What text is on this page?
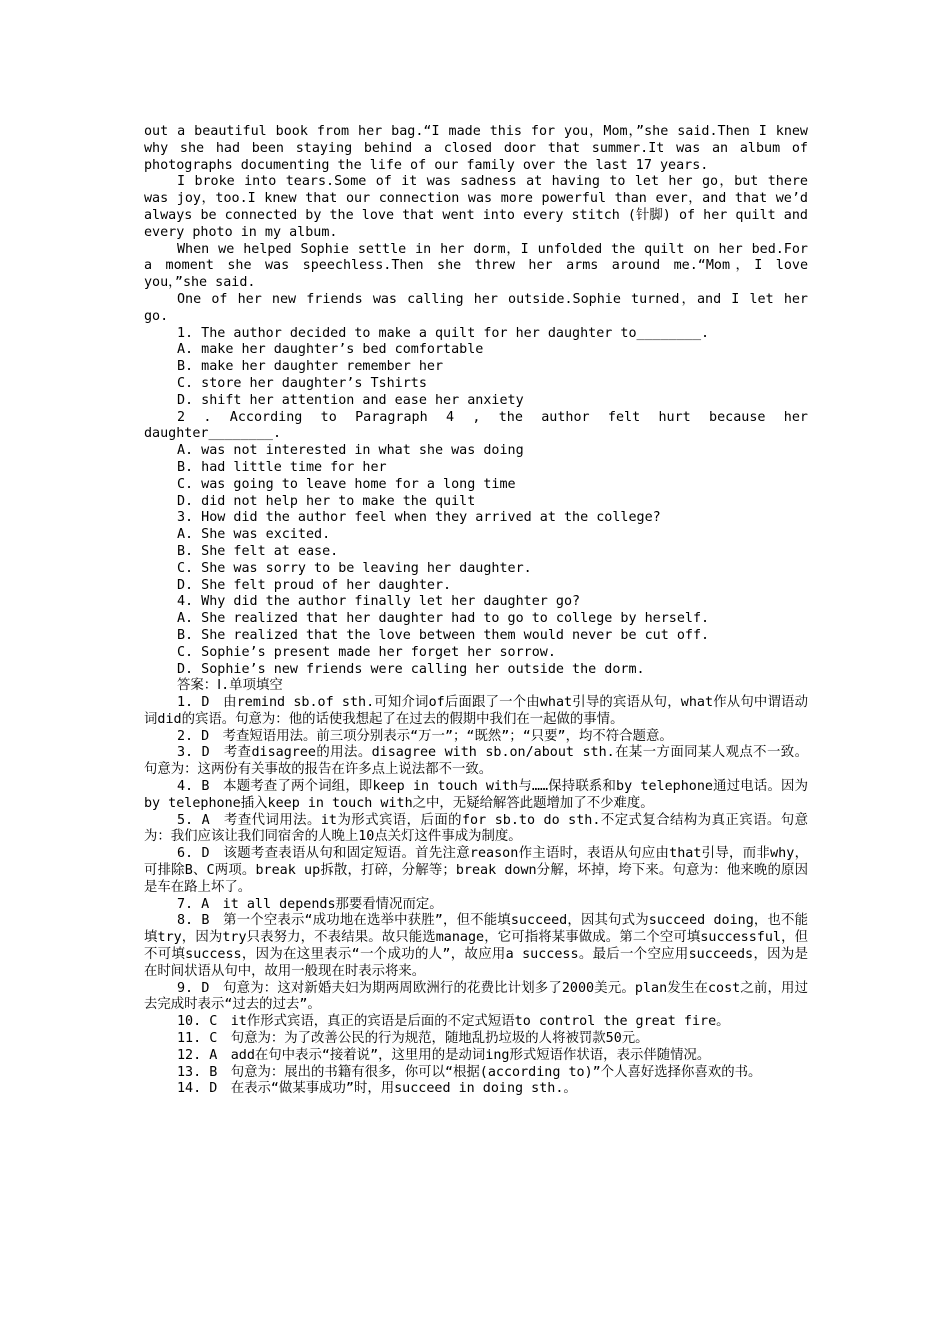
out a beautiful book from her bag.“I made this for you，Mom，”she said.Then I knew why she had been staying behind a closed door that summer.It was an album of photographs documenting the life of our family over the last 17 years.

I broke into tears.Some of it was sadness at having to let her go，but there was joy，too.I knew that our connection was more powerful than ever，and that we’d always be connected by the love that went into every stitch (针脚) of her quilt and every photo in my album.

When we helped Sophie settle in her dorm，I unfolded the quilt on her bed.For a moment she was speechless.Then she threw her arms around me.“Mom，I love you，”she said.

One of her new friends was calling her outside.Sophie turned，and I let her go.

1. The author decided to make a quilt for her daughter to________.

A. make her daughter’s bed comfortable

B. make her daughter remember her

C. store her daughter’s Tshirts

D. shift her attention and ease her anxiety

2 . According to Paragraph 4 , the author felt hurt because her daughter________.

A. was not interested in what she was doing

B. had little time for her

C. was going to leave home for a long time

D. did not help her to make the quilt

3. How did the author feel when they arrived at the college?

A. She was excited.

B. She felt at ease.

C. She was sorry to be leaving her daughter.

D. She felt proud of her daughter.

4. Why did the author finally let her daughter go?

A. She realized that her daughter had to go to college by herself.

B. She realized that the love between them would never be cut off.

C. Sophie’s present made her forget her sorrow.

D. Sophie’s new friends were calling her outside the dorm.

答案：Ⅰ.单项填空

1. D　由remind sb.of sth.可知介词of后面跟了一个由what引导的宾语从句，what作从句中谓语动词did的宾语。句意为：他的话使我想起了在过去的假期中我们在一起做的事情。

2. D　考查短语用法。前三项分别表示“万一”；“既然”；“只要”，均不符合题意。

3. D　考查disagree的用法。disagree with sb.on/about sth.在某一方面同某人观点不一致。句意为：这两份有关事故的报告在许多点上说法都不一致。

4. B　本题考查了两个词组，即keep in touch with与……保持联系和by telephone通过电话。因为by telephone插入keep in touch with之中，无疑给解答此题增加了不少难度。

5. A　考查代词用法。it为形式宾语，后面的for sb.to do sth.不定式复合结构为真正宾语。句意为：我们应该让我们同宿舍的人晚上10点关灯这件事成为制度。

6. D　该题考查表语从句和固定短语。首先注意reason作主语时，表语从句应由that引导，而非why，可排除B、C两项。break up拆散，打碎，分解等；break down分解，坏掉，垮下来。句意为：他来晚的原因是车在路上坏了。

7. A　it all depends那要看情况而定。

8. B　第一个空表示“成功地在选举中获胜”，但不能填succeed，因其句式为succeed doing，也不能填try，因为try只表努力，不表结果。故只能选manage，它可指将某事做成。第二个空可填successful，但不可填success，因为在这里表示“一个成功的人”，故应用a success。最后一个空应用succeeds，因为是在时间状语从句中，故用一般现在时表示将来。

9. D　句意为：这对新婚夫妇为期两周欧洲行的花费比计划多了2000美元。plan发生在cost之前，用过去完成时表示“过去的过去”。

10. C　it作形式宾语，真正的宾语是后面的不定式短语to control the great fire。

11. C　句意为：为了改善公民的行为规范，随地乱扔垃圾的人将被罚款50元。

12. A　add在句中表示“接着说”，这里用的是动词ing形式短语作状语，表示伴随情况。

13. B　句意为：展出的书籍有很多，你可以“根据(according to)”个人喜好选择你喜欢的书。

14. D　在表示“做某事成功”时，用succeed in doing sth.。
